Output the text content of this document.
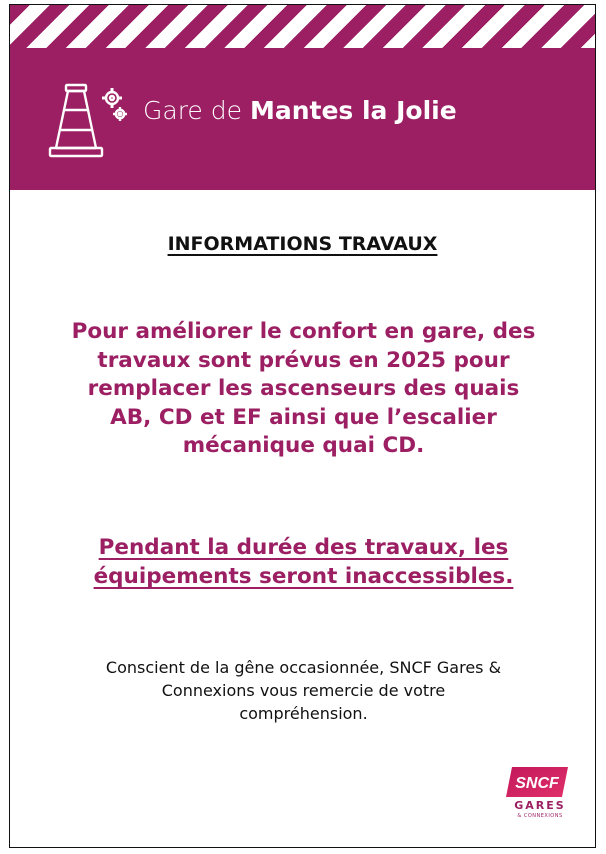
Gare de Mantes la Jolie
INFORMATIONS TRAVAUX
Pour améliorer le confort en gare, des
travaux sont prévus en 2025 pour
remplacer les ascenseurs des quais
AB, CD et EF ainsi que l’escalier
mécanique quai CD.
Pendant la durée des travaux, les
équipements seront inaccessibles.
Conscient de la gêne occasionnée, SNCF Gares &
Connexions vous remercie de votre
compréhension.
SNCF
GARES
& CONNEXIONS
